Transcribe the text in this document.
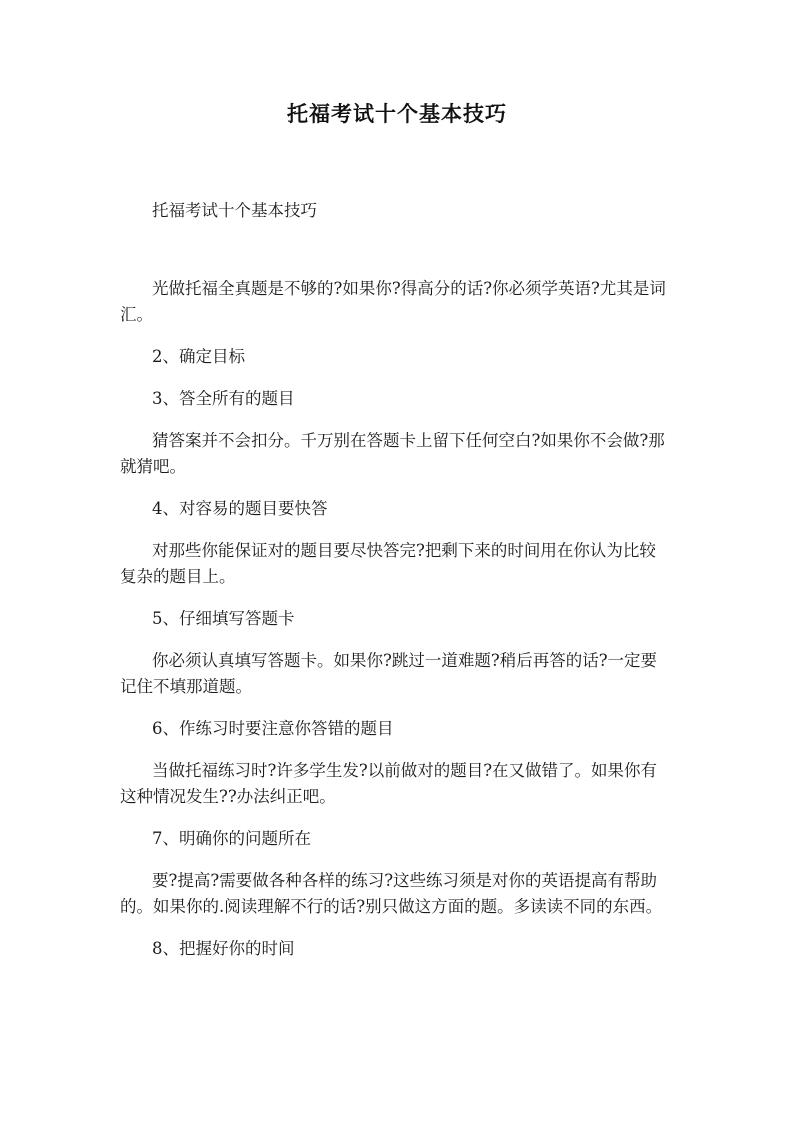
托福考试十个基本技巧

托福考试十个基本技巧

光做托福全真题是不够的?如果你?得高分的话?你必须学英语?尤其是词汇。

2、确定目标

3、答全所有的题目

猜答案并不会扣分。千万别在答题卡上留下任何空白?如果你不会做?那就猜吧。

4、对容易的题目要快答

对那些你能保证对的题目要尽快答完?把剩下来的时间用在你认为比较复杂的题目上。

5、仔细填写答题卡

你必须认真填写答题卡。如果你?跳过一道难题?稍后再答的话?一定要记住不填那道题。

6、作练习时要注意你答错的题目

当做托福练习时?许多学生发?以前做对的题目?在又做错了。如果你有这种情况发生??办法纠正吧。

7、明确你的问题所在

要?提高?需要做各种各样的练习?这些练习须是对你的英语提高有帮助的。如果你的.阅读理解不行的话?别只做这方面的题。多读读不同的东西。

8、把握好你的时间
